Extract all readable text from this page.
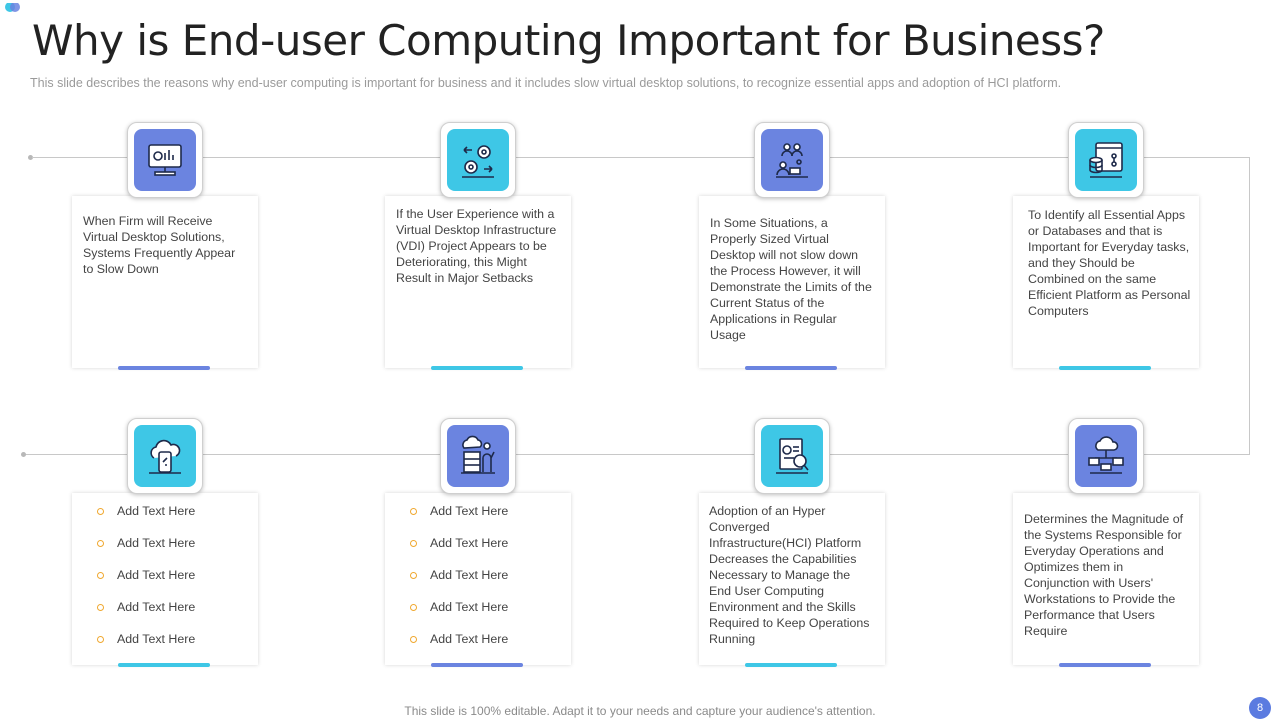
Why is End-user Computing Important for Business?
This slide describes the reasons why end-user computing is important for business and it includes slow virtual desktop solutions, to recognize essential apps and adoption of HCI platform.
When Firm will Receive Virtual Desktop Solutions, Systems Frequently Appear to Slow Down
If the User Experience with a Virtual Desktop Infrastructure (VDI) Project Appears to be Deteriorating, this Might Result in Major Setbacks
In Some Situations, a Properly Sized Virtual Desktop will not slow down the Process However, it will Demonstrate the Limits of the Current Status of the Applications in Regular Usage
To Identify all Essential Apps or Databases and that is Important for Everyday tasks, and they Should be Combined on the same Efficient Platform as Personal Computers
Add Text Here
Add Text Here
Add Text Here
Add Text Here
Add Text Here
Add Text Here
Add Text Here
Add Text Here
Add Text Here
Add Text Here
Adoption of an Hyper Converged Infrastructure(HCI) Platform Decreases the Capabilities Necessary to Manage the End User Computing Environment and the Skills Required to Keep Operations Running
Determines the Magnitude of the Systems Responsible for Everyday Operations and Optimizes them in Conjunction with Users' Workstations to Provide the Performance that Users Require
This slide is 100% editable. Adapt it to your needs and capture your audience's attention.	8
